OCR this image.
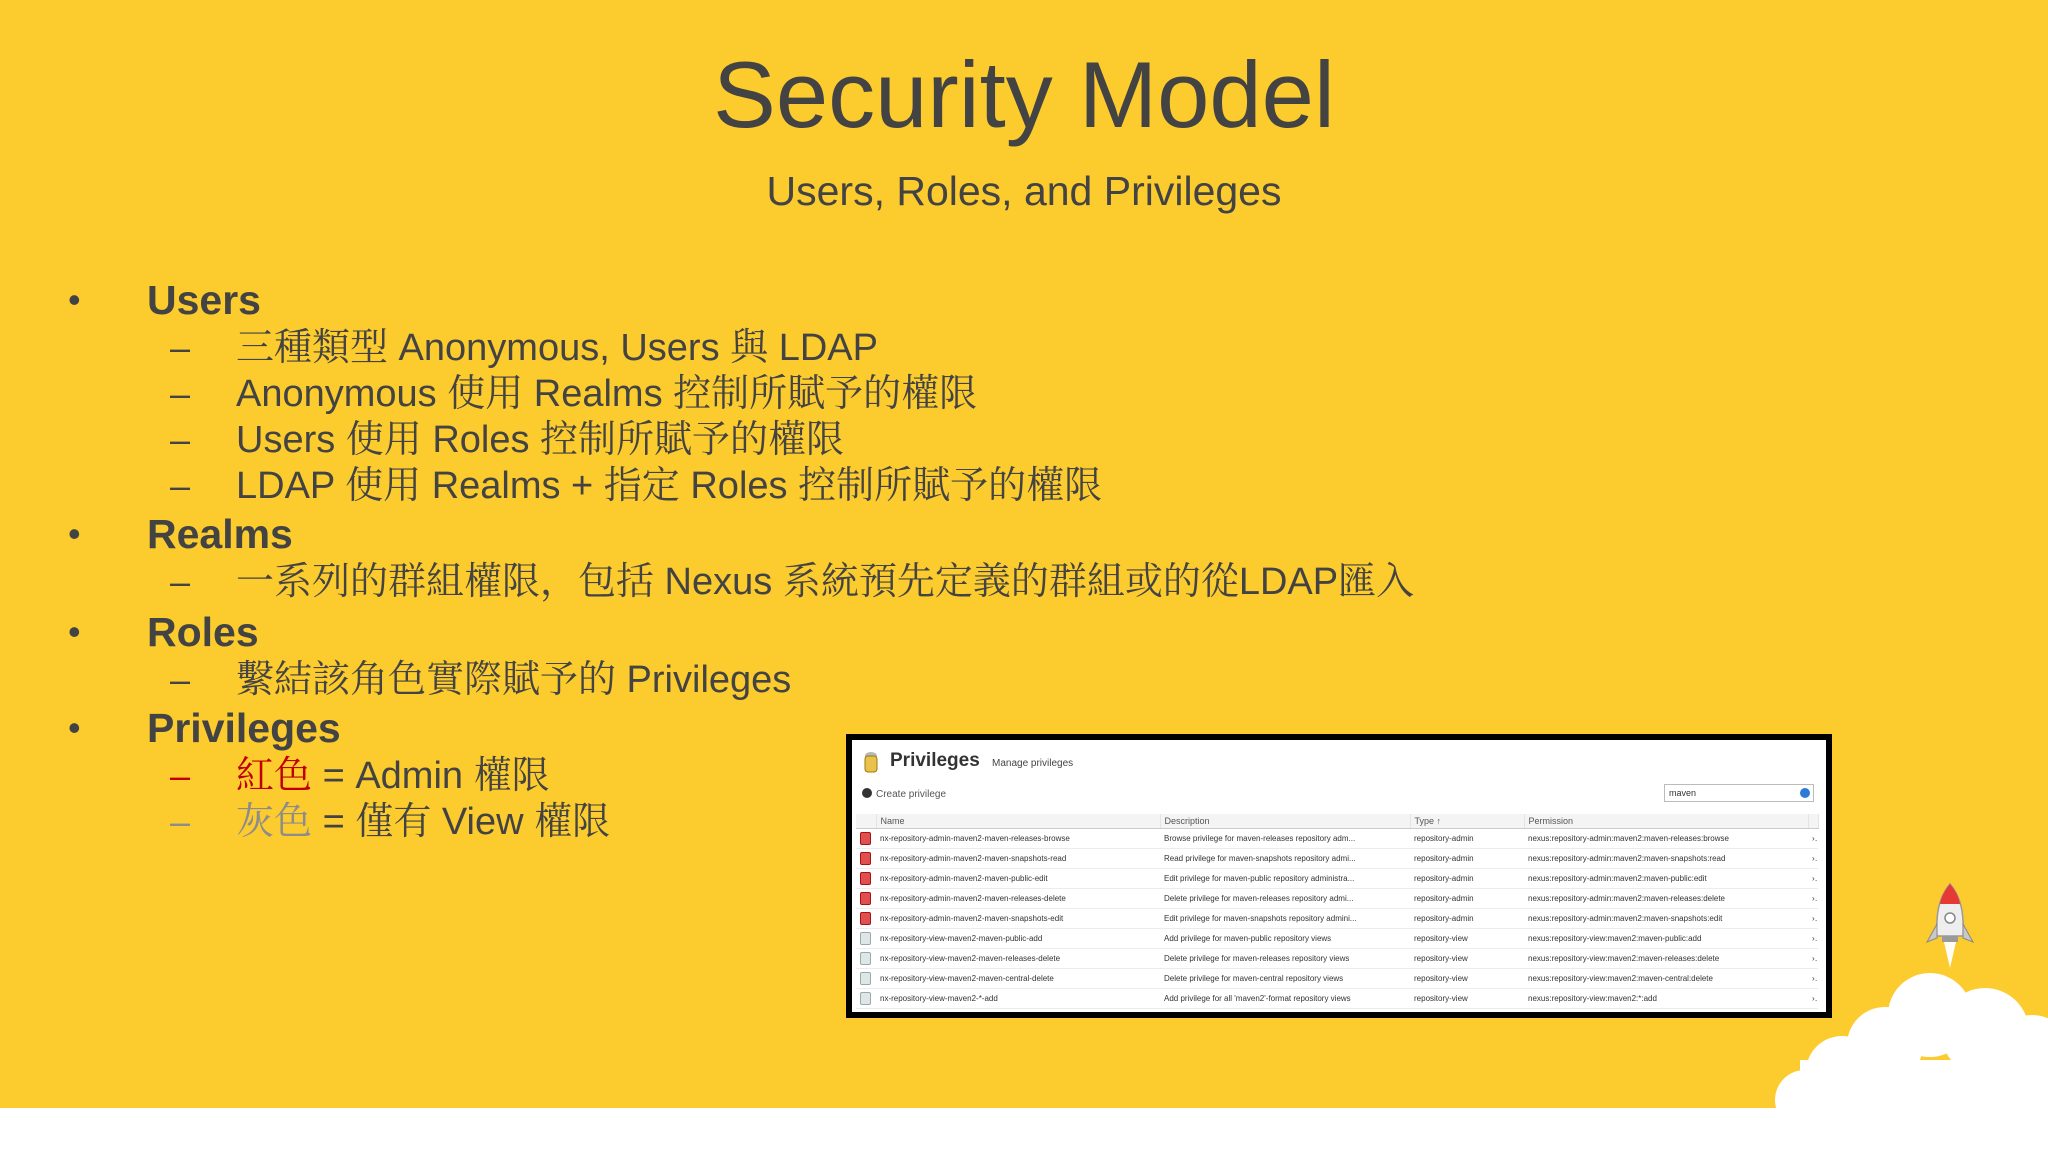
Security Model
Users, Roles, and Privileges
• Users
– 三種類型 Anonymous, Users 與 LDAP
– Anonymous 使用 Realms 控制所賦予的權限
– Users 使用 Roles 控制所賦予的權限
– LDAP 使用 Realms + 指定 Roles 控制所賦予的權限
• Realms
– 一系列的群組權限，包括 Nexus 系統預先定義的群組或的從LDAP匯入
• Roles
– 繫結該角色實際賦予的 Privileges
• Privileges
– 紅色 = Admin 權限
– 灰色 = 僅有 View 權限
Privileges Manage privileges
Create privilege	maven
	Name	Description	Type ↑	Permission	
	nx-repository-admin-maven2-maven-releases-browse	Browse privilege for maven-releases repository adm...	repository-admin	nexus:repository-admin:maven2:maven-releases:browse	›
	nx-repository-admin-maven2-maven-snapshots-read	Read privilege for maven-snapshots repository admi...	repository-admin	nexus:repository-admin:maven2:maven-snapshots:read	›
	nx-repository-admin-maven2-maven-public-edit	Edit privilege for maven-public repository administra...	repository-admin	nexus:repository-admin:maven2:maven-public:edit	›
	nx-repository-admin-maven2-maven-releases-delete	Delete privilege for maven-releases repository admi...	repository-admin	nexus:repository-admin:maven2:maven-releases:delete	›
	nx-repository-admin-maven2-maven-snapshots-edit	Edit privilege for maven-snapshots repository admini...	repository-admin	nexus:repository-admin:maven2:maven-snapshots:edit	›
	nx-repository-view-maven2-maven-public-add	Add privilege for maven-public repository views	repository-view	nexus:repository-view:maven2:maven-public:add	›
	nx-repository-view-maven2-maven-releases-delete	Delete privilege for maven-releases repository views	repository-view	nexus:repository-view:maven2:maven-releases:delete	›
	nx-repository-view-maven2-maven-central-delete	Delete privilege for maven-central repository views	repository-view	nexus:repository-view:maven2:maven-central:delete	›
	nx-repository-view-maven2-*-add	Add privilege for all 'maven2'-format repository views	repository-view	nexus:repository-view:maven2:*:add	›
